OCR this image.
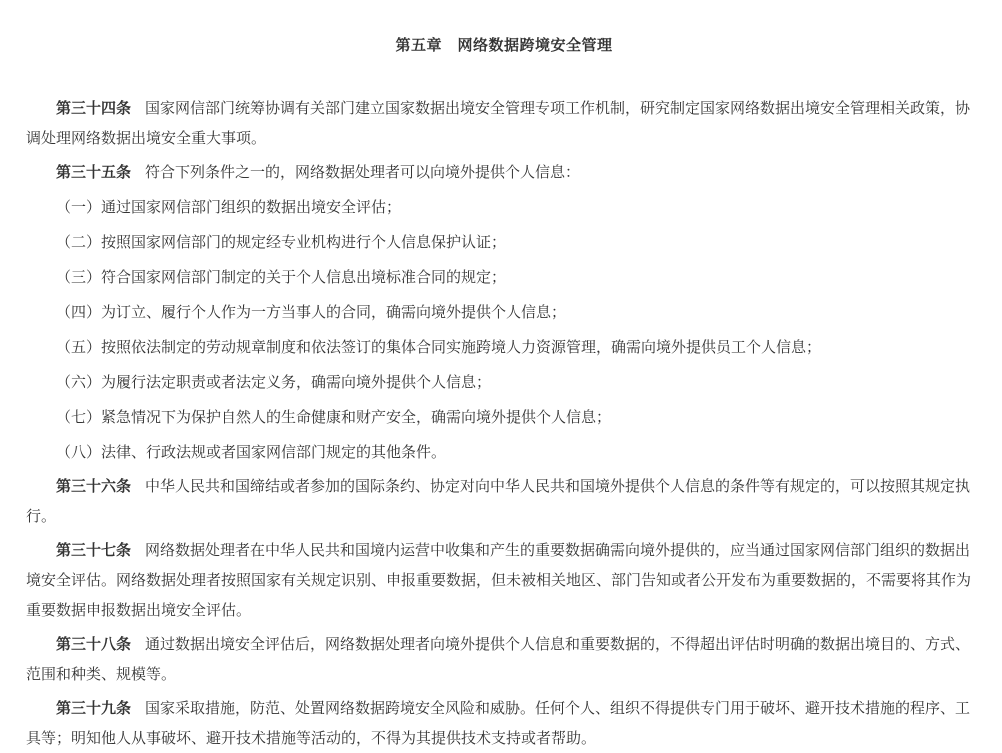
第五章　网络数据跨境安全管理

第三十四条 国家网信部门统筹协调有关部门建立国家数据出境安全管理专项工作机制，研究制定国家网络数据出境安全管理相关政策，协调处理网络数据出境安全重大事项。

第三十五条 符合下列条件之一的，网络数据处理者可以向境外提供个人信息：

（一）通过国家网信部门组织的数据出境安全评估；

（二）按照国家网信部门的规定经专业机构进行个人信息保护认证；

（三）符合国家网信部门制定的关于个人信息出境标准合同的规定；

（四）为订立、履行个人作为一方当事人的合同，确需向境外提供个人信息；

（五）按照依法制定的劳动规章制度和依法签订的集体合同实施跨境人力资源管理，确需向境外提供员工个人信息；

（六）为履行法定职责或者法定义务，确需向境外提供个人信息；

（七）紧急情况下为保护自然人的生命健康和财产安全，确需向境外提供个人信息；

（八）法律、行政法规或者国家网信部门规定的其他条件。

第三十六条 中华人民共和国缔结或者参加的国际条约、协定对向中华人民共和国境外提供个人信息的条件等有规定的，可以按照其规定执行。

第三十七条 网络数据处理者在中华人民共和国境内运营中收集和产生的重要数据确需向境外提供的，应当通过国家网信部门组织的数据出境安全评估。网络数据处理者按照国家有关规定识别、申报重要数据，但未被相关地区、部门告知或者公开发布为重要数据的，不需要将其作为重要数据申报数据出境安全评估。

第三十八条 通过数据出境安全评估后，网络数据处理者向境外提供个人信息和重要数据的，不得超出评估时明确的数据出境目的、方式、范围和种类、规模等。

第三十九条 国家采取措施，防范、处置网络数据跨境安全风险和威胁。任何个人、组织不得提供专门用于破坏、避开技术措施的程序、工具等；明知他人从事破坏、避开技术措施等活动的，不得为其提供技术支持或者帮助。
